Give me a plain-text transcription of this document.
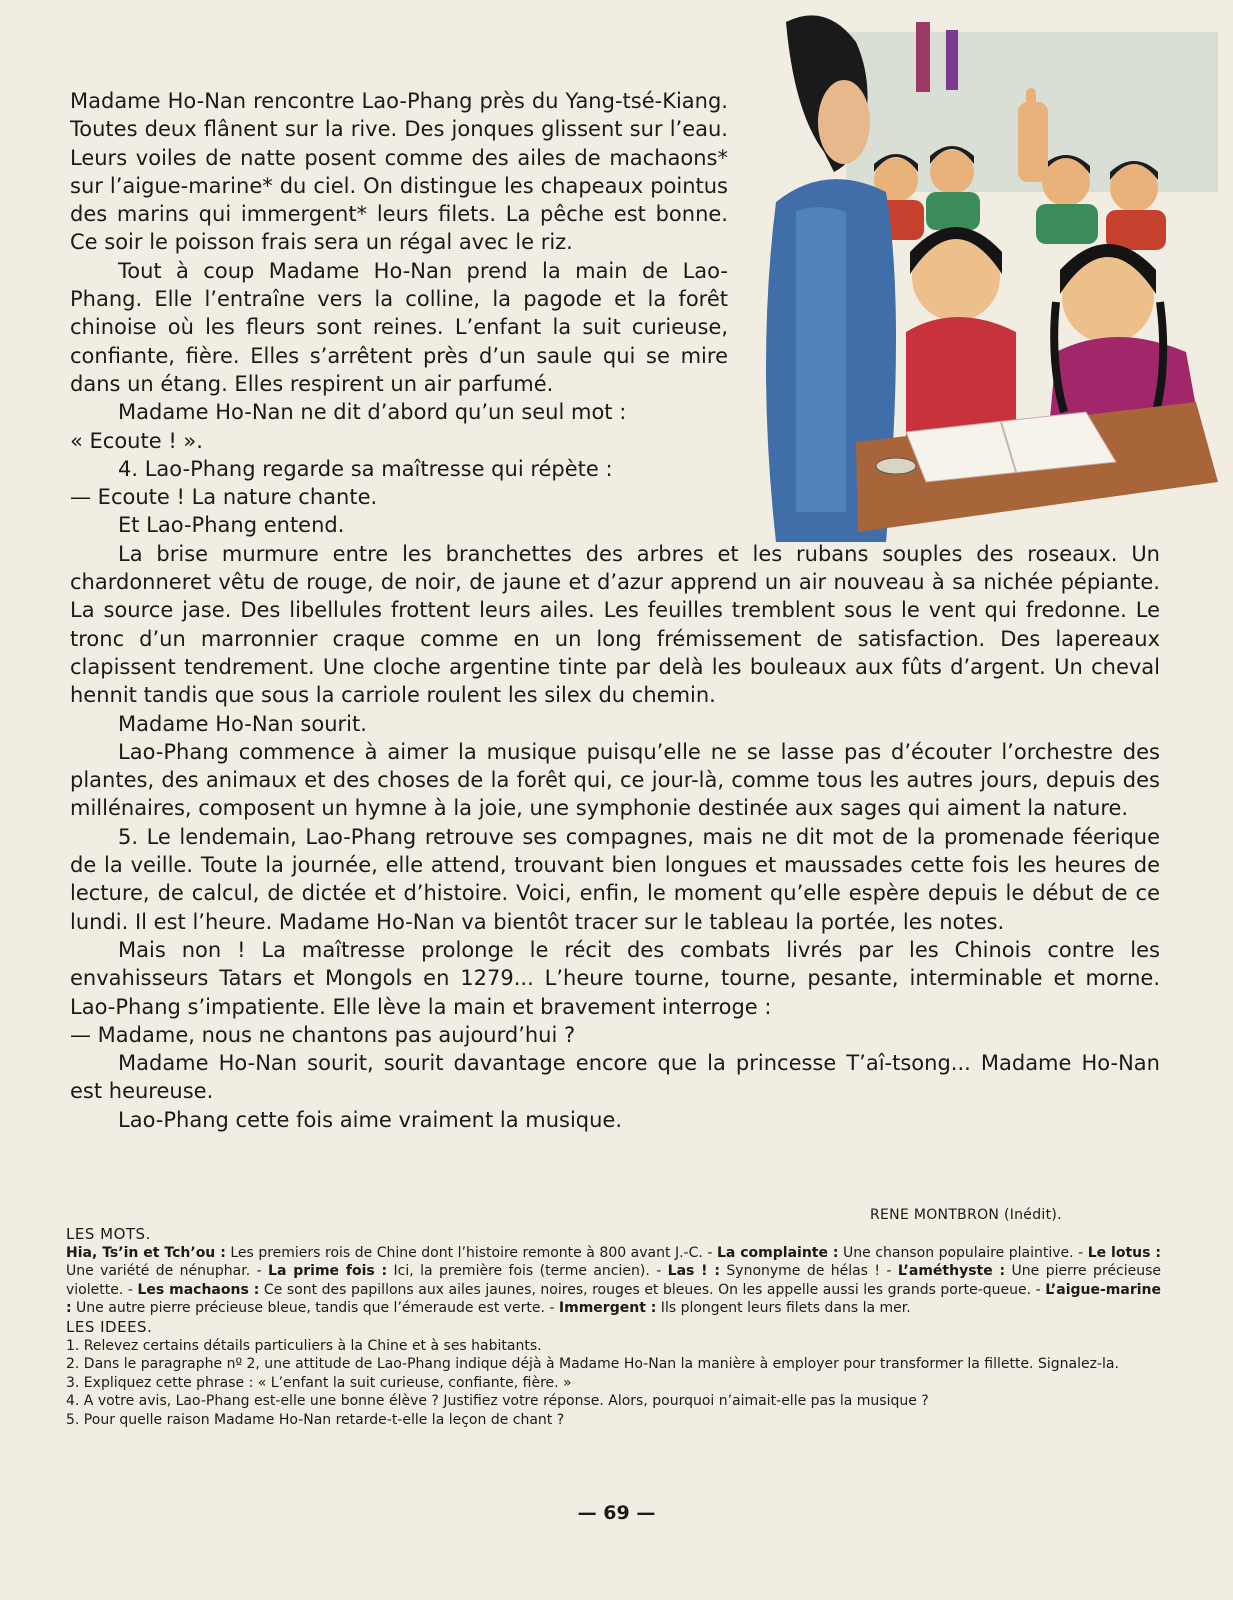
Madame Ho-Nan rencontre Lao-Phang près du Yang-tsé-Kiang. Toutes deux flânent sur la rive. Des jonques glissent sur l’eau. Leurs voiles de natte posent comme des ailes de machaons* sur l’aigue-marine* du ciel. On distingue les chapeaux pointus des marins qui immergent* leurs filets. La pêche est bonne. Ce soir le poisson frais sera un régal avec le riz.

Tout à coup Madame Ho-Nan prend la main de Lao-Phang. Elle l’entraîne vers la colline, la pagode et la forêt chinoise où les fleurs sont reines. L’enfant la suit curieuse, confiante, fière. Elles s’arrêtent près d’un saule qui se mire dans un étang. Elles respirent un air parfumé.

Madame Ho-Nan ne dit d’abord qu’un seul mot :

« Ecoute ! ».

4. Lao-Phang regarde sa maîtresse qui répète :

— Ecoute ! La nature chante.

Et Lao-Phang entend.

La brise murmure entre les branchettes des arbres et les rubans souples des roseaux. Un chardonneret vêtu de rouge, de noir, de jaune et d’azur apprend un air nouveau à sa nichée pépiante. La source jase. Des libellules frottent leurs ailes. Les feuilles tremblent sous le vent qui fredonne. Le tronc d’un marronnier craque comme en un long frémissement de satisfaction. Des lapereaux clapissent tendrement. Une cloche argentine tinte par delà les bouleaux aux fûts d’argent. Un cheval hennit tandis que sous la carriole roulent les silex du chemin.

Madame Ho-Nan sourit.

Lao-Phang commence à aimer la musique puisqu’elle ne se lasse pas d’écouter l’orchestre des plantes, des animaux et des choses de la forêt qui, ce jour-là, comme tous les autres jours, depuis des millénaires, composent un hymne à la joie, une symphonie destinée aux sages qui aiment la nature.

5. Le lendemain, Lao-Phang retrouve ses compagnes, mais ne dit mot de la promenade féerique de la veille. Toute la journée, elle attend, trouvant bien longues et maussades cette fois les heures de lecture, de calcul, de dictée et d’histoire. Voici, enfin, le moment qu’elle espère depuis le début de ce lundi. Il est l’heure. Madame Ho-Nan va bientôt tracer sur le tableau la portée, les notes.

Mais non ! La maîtresse prolonge le récit des combats livrés par les Chinois contre les envahisseurs Tatars et Mongols en 1279... L’heure tourne, tourne, pesante, interminable et morne. Lao-Phang s’impatiente. Elle lève la main et bravement interroge :

— Madame, nous ne chantons pas aujourd’hui ?

Madame Ho-Nan sourit, sourit davantage encore que la princesse T’aî-tsong... Madame Ho-Nan est heureuse.

Lao-Phang cette fois aime vraiment la musique.

RENE MONTBRON (Inédit).

LES MOTS.

Hia, Ts’in et Tch’ou : Les premiers rois de Chine dont l’histoire remonte à 800 avant J.-C. - La complainte : Une chanson populaire plaintive. - Le lotus : Une variété de nénuphar. - La prime fois : Ici, la première fois (terme ancien). - Las ! : Synonyme de hélas ! - L’améthyste : Une pierre précieuse violette. - Les machaons : Ce sont des papillons aux ailes jaunes, noires, rouges et bleues. On les appelle aussi les grands porte-queue. - L’aigue-marine : Une autre pierre précieuse bleue, tandis que l’émeraude est verte. - Immergent : Ils plongent leurs filets dans la mer.

LES IDEES.

1. Relevez certains détails particuliers à la Chine et à ses habitants.
2. Dans le paragraphe nº 2, une attitude de Lao-Phang indique déjà à Madame Ho-Nan la manière à employer pour transformer la fillette. Signalez-la.
3. Expliquez cette phrase : « L’enfant la suit curieuse, confiante, fière. »
4. A votre avis, Lao-Phang est-elle une bonne élève ? Justifiez votre réponse. Alors, pourquoi n’aimait-elle pas la musique ?
5. Pour quelle raison Madame Ho-Nan retarde-t-elle la leçon de chant ?
— 69 —
